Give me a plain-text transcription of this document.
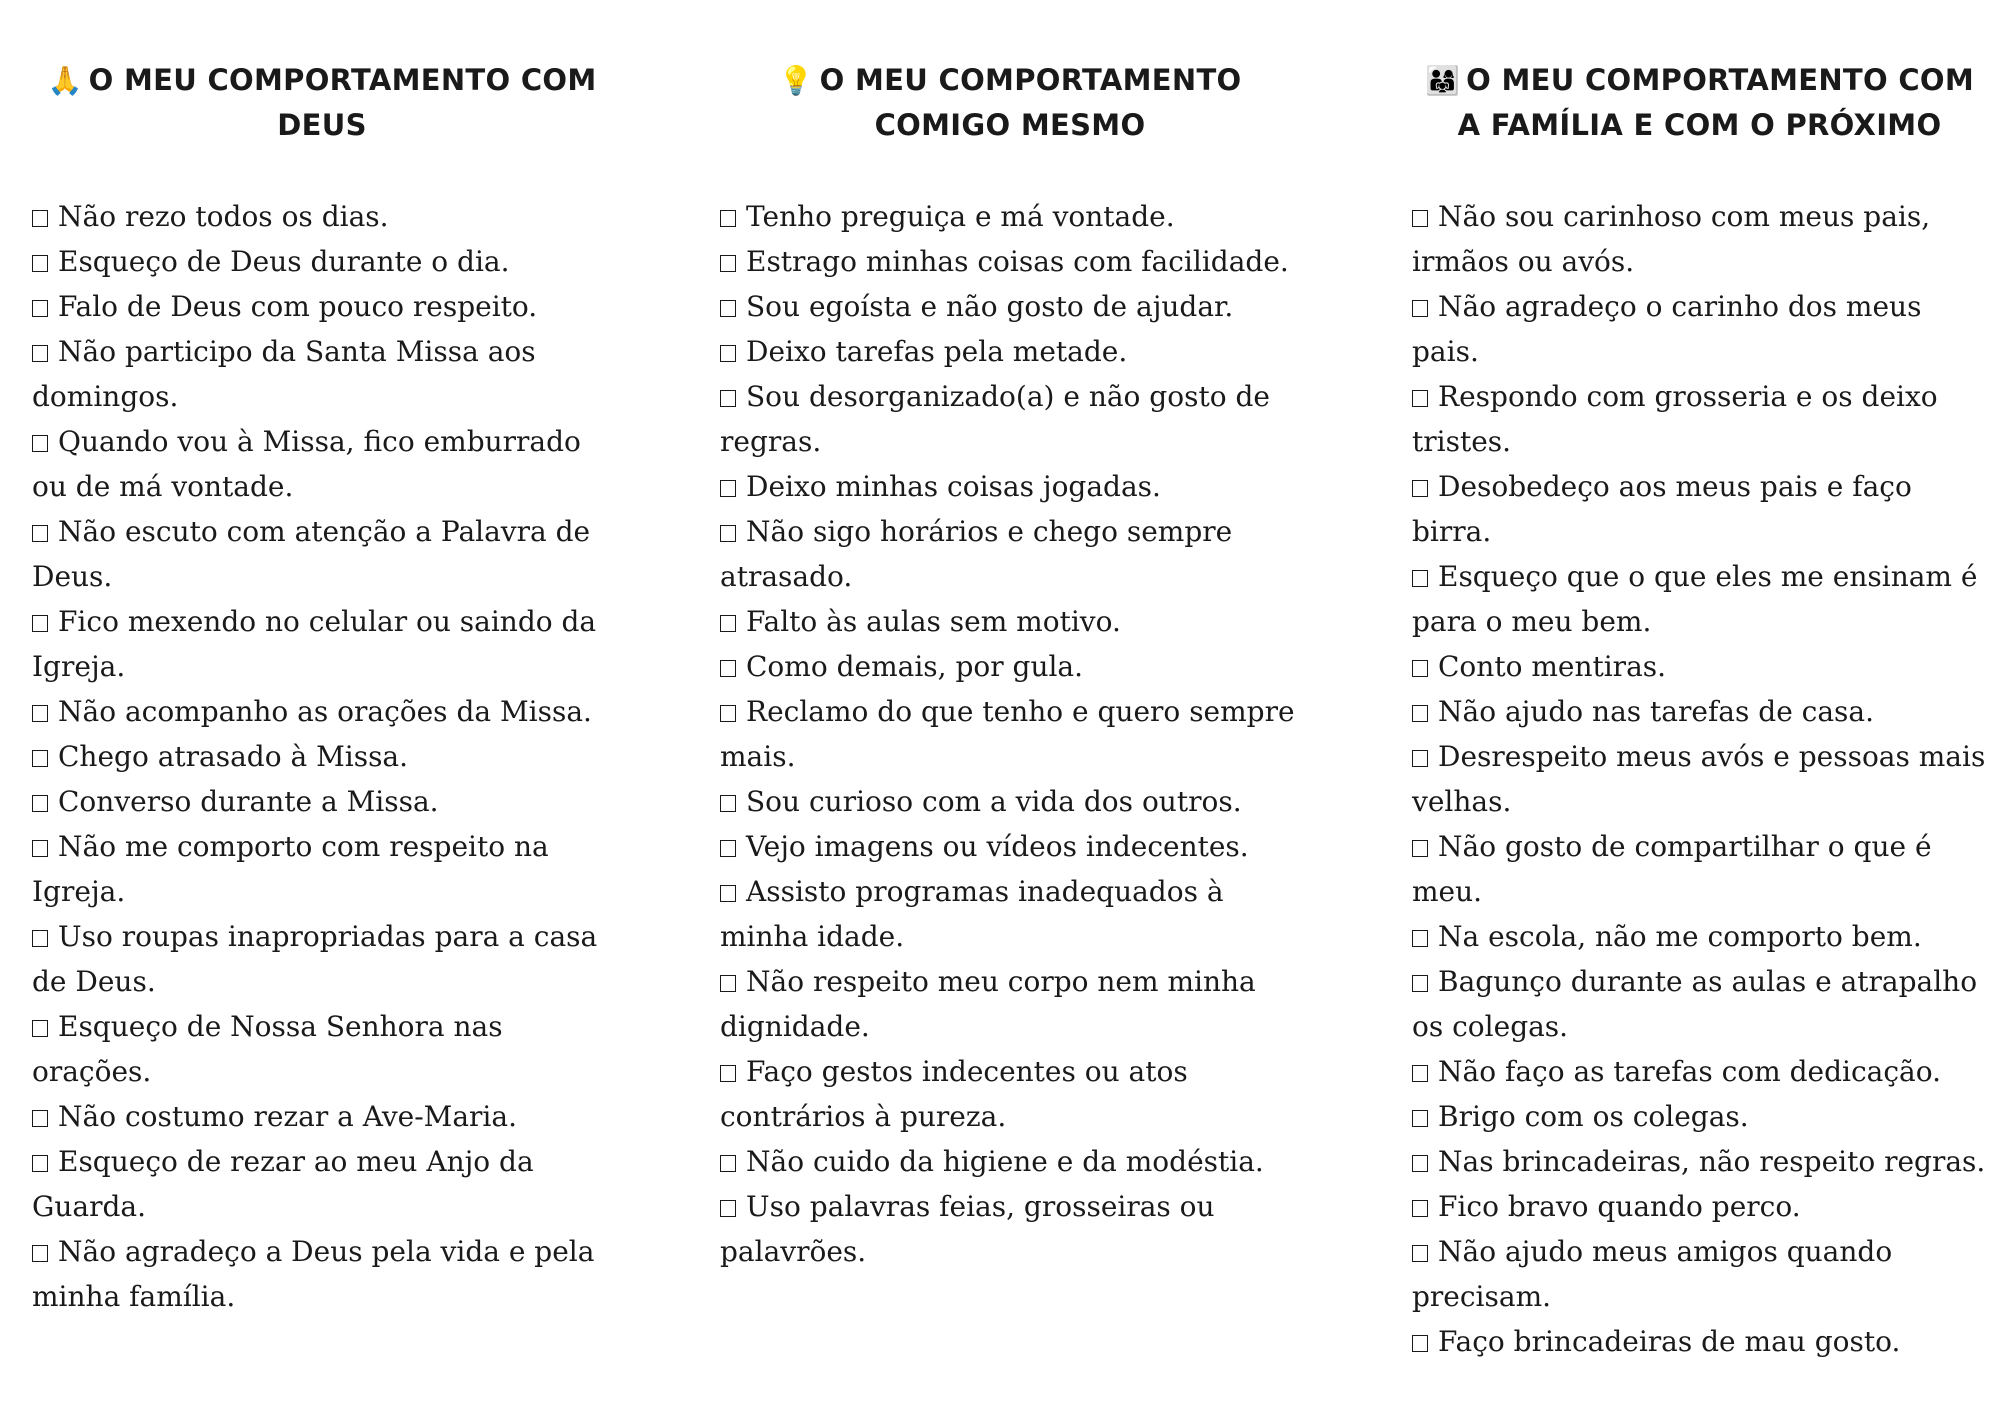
🙏 O MEU COMPORTAMENTO COM DEUS
Não rezo todos os dias.
Esqueço de Deus durante o dia.
Falo de Deus com pouco respeito.
Não participo da Santa Missa aos domingos.
Quando vou à Missa, fico emburrado ou de má vontade.
Não escuto com atenção a Palavra de Deus.
Fico mexendo no celular ou saindo da Igreja.
Não acompanho as orações da Missa.
Chego atrasado à Missa.
Converso durante a Missa.
Não me comporto com respeito na Igreja.
Uso roupas inapropriadas para a casa de Deus.
Esqueço de Nossa Senhora nas orações.
Não costumo rezar a Ave-Maria.
Esqueço de rezar ao meu Anjo da Guarda.
Não agradeço a Deus pela vida e pela minha família.
💡 O MEU COMPORTAMENTO COMIGO MESMO
Tenho preguiça e má vontade.
Estrago minhas coisas com facilidade.
Sou egoísta e não gosto de ajudar.
Deixo tarefas pela metade.
Sou desorganizado(a) e não gosto de regras.
Deixo minhas coisas jogadas.
Não sigo horários e chego sempre atrasado.
Falto às aulas sem motivo.
Como demais, por gula.
Reclamo do que tenho e quero sempre mais.
Sou curioso com a vida dos outros.
Vejo imagens ou vídeos indecentes.
Assisto programas inadequados à minha idade.
Não respeito meu corpo nem minha dignidade.
Faço gestos indecentes ou atos contrários à pureza.
Não cuido da higiene e da modéstia.
Uso palavras feias, grosseiras ou palavrões.
👨‍👩‍👧 O MEU COMPORTAMENTO COM A FAMÍLIA E COM O PRÓXIMO
Não sou carinhoso com meus pais, irmãos ou avós.
Não agradeço o carinho dos meus pais.
Respondo com grosseria e os deixo tristes.
Desobedeço aos meus pais e faço birra.
Esqueço que o que eles me ensinam é para o meu bem.
Conto mentiras.
Não ajudo nas tarefas de casa.
Desrespeito meus avós e pessoas mais velhas.
Não gosto de compartilhar o que é meu.
Na escola, não me comporto bem.
Bagunço durante as aulas e atrapalho os colegas.
Não faço as tarefas com dedicação.
Brigo com os colegas.
Nas brincadeiras, não respeito regras.
Fico bravo quando perco.
Não ajudo meus amigos quando precisam.
Faço brincadeiras de mau gosto.
